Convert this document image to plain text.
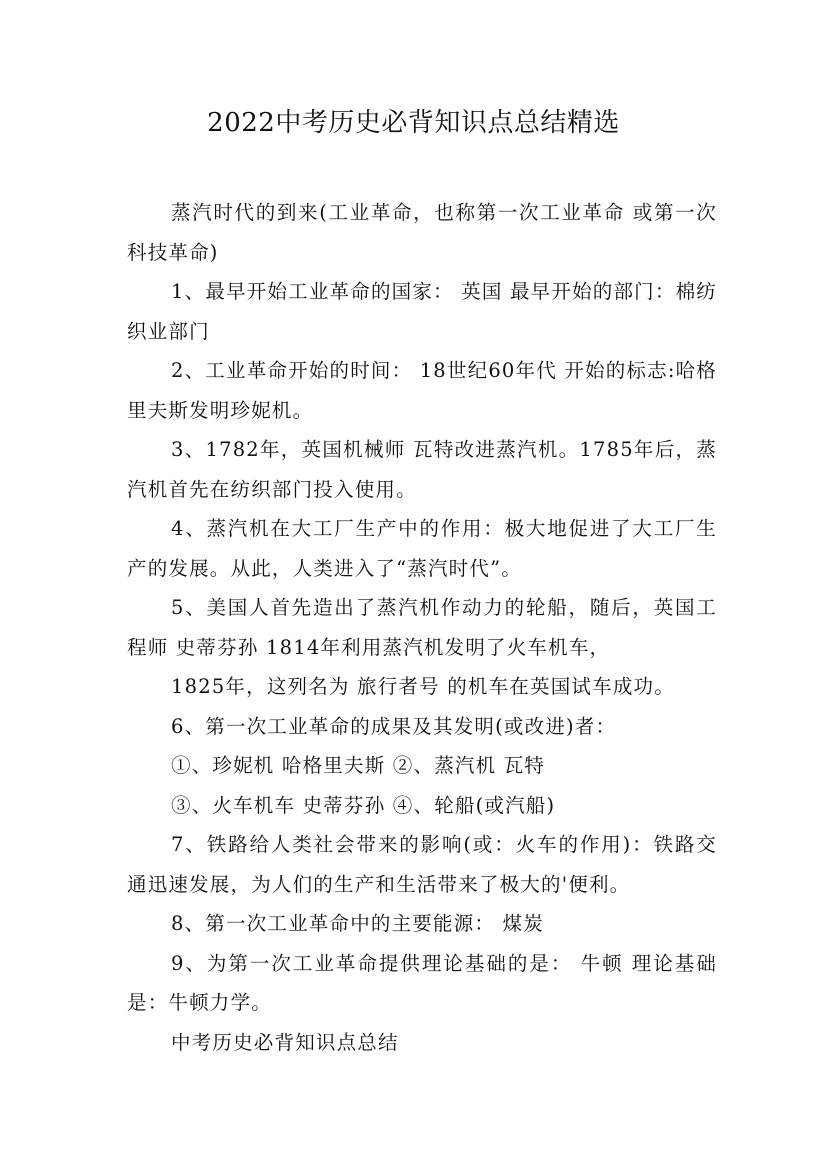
2022中考历史必背知识点总结精选

蒸汽时代的到来(工业革命，也称第一次工业革命 或第一次科技革命)

1、最早开始工业革命的国家： 英国 最早开始的部门：棉纺织业部门

2、工业革命开始的时间： 18世纪60年代 开始的标志:哈格里夫斯发明珍妮机。

3、1782年，英国机械师 瓦特改进蒸汽机。1785年后，蒸汽机首先在纺织部门投入使用。

4、蒸汽机在大工厂生产中的作用：极大地促进了大工厂生产的发展。从此，人类进入了“蒸汽时代”。

5、美国人首先造出了蒸汽机作动力的轮船，随后，英国工程师 史蒂芬孙 1814年利用蒸汽机发明了火车机车，

1825年，这列名为 旅行者号 的机车在英国试车成功。

6、第一次工业革命的成果及其发明(或改进)者：

①、珍妮机 哈格里夫斯 ②、蒸汽机 瓦特

③、火车机车 史蒂芬孙 ④、轮船(或汽船)

7、铁路给人类社会带来的影响(或：火车的作用)：铁路交通迅速发展，为人们的生产和生活带来了极大的'便利。

8、第一次工业革命中的主要能源： 煤炭

9、为第一次工业革命提供理论基础的是： 牛顿 理论基础是：牛顿力学。

中考历史必背知识点总结
